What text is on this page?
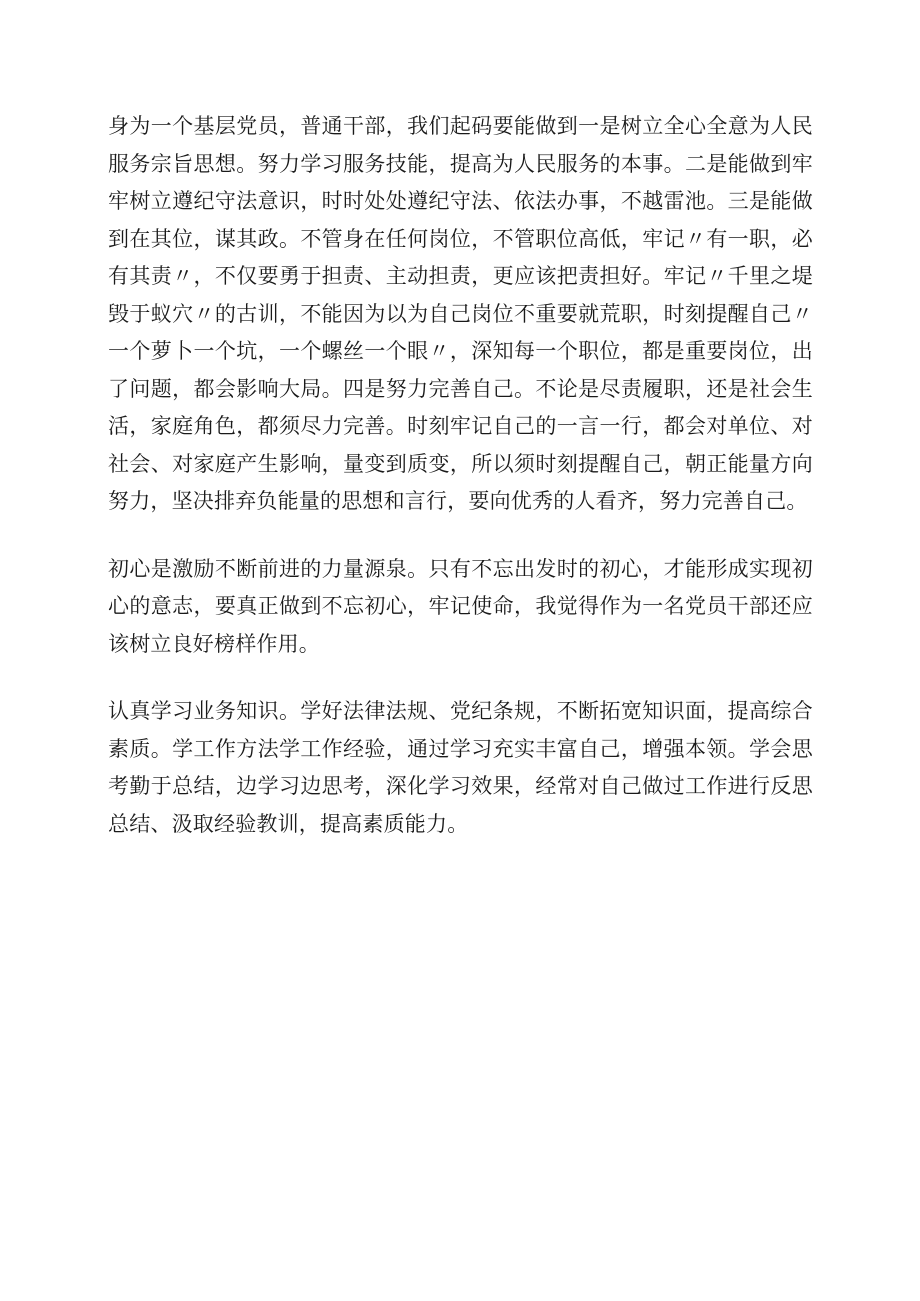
身为一个基层党员，普通干部，我们起码要能做到一是树立全心全意为人民服务宗旨思想。努力学习服务技能，提高为人民服务的本事。二是能做到牢牢树立遵纪守法意识，时时处处遵纪守法、依法办事，不越雷池。三是能做到在其位，谋其政。不管身在任何岗位，不管职位高低，牢记〃有一职，必有其责〃，不仅要勇于担责、主动担责，更应该把责担好。牢记〃千里之堤毁于蚁穴〃的古训，不能因为以为自己岗位不重要就荒职，时刻提醒自己〃一个萝卜一个坑，一个螺丝一个眼〃，深知每一个职位，都是重要岗位，出了问题，都会影响大局。四是努力完善自己。不论是尽责履职，还是社会生活，家庭角色，都须尽力完善。时刻牢记自己的一言一行，都会对单位、对社会、对家庭产生影响，量变到质变，所以须时刻提醒自己，朝正能量方向努力，坚决排弃负能量的思想和言行，要向优秀的人看齐，努力完善自己。

初心是激励不断前进的力量源泉。只有不忘出发时的初心，才能形成实现初心的意志，要真正做到不忘初心，牢记使命，我觉得作为一名党员干部还应该树立良好榜样作用。

认真学习业务知识。学好法律法规、党纪条规，不断拓宽知识面，提高综合素质。学工作方法学工作经验，通过学习充实丰富自己，增强本领。学会思考勤于总结，边学习边思考，深化学习效果，经常对自己做过工作进行反思总结、汲取经验教训，提高素质能力。
